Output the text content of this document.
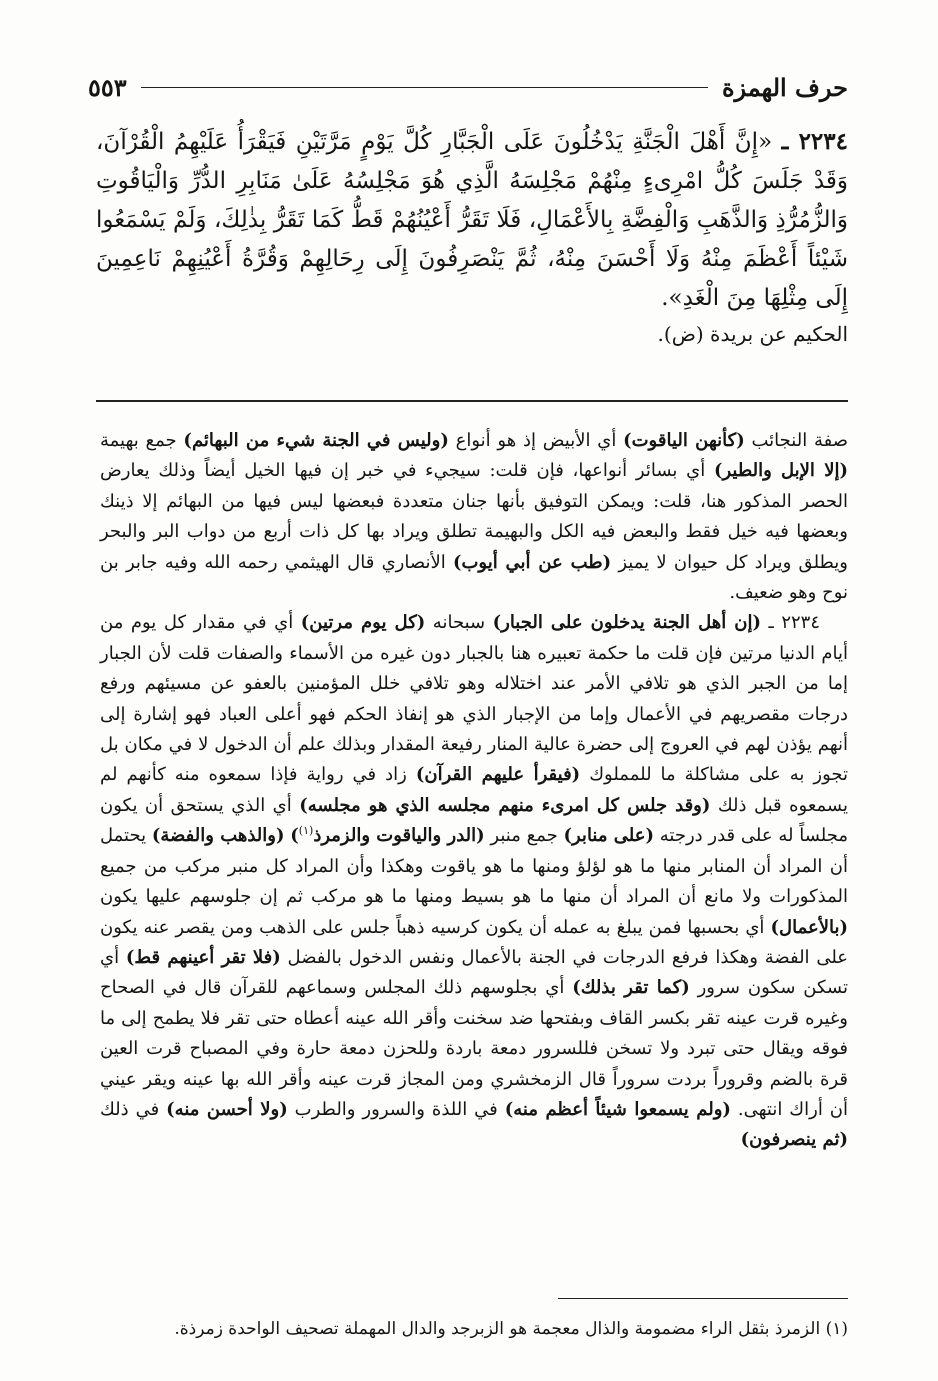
حرف الهمزة
٥٥٣
٢٢٣٤ ـ «إِنَّ أَهْلَ الْجَنَّةِ يَدْخُلُونَ عَلَى الْجَبَّارِ كُلَّ يَوْمٍ مَرَّتَيْنِ فَيَقْرَأُ عَلَيْهِمُ الْقُرْآنَ، وَقَدْ جَلَسَ كُلُّ امْرِىءٍ مِنْهُمْ مَجْلِسَهُ الَّذِي هُوَ مَجْلِسُهُ عَلَىٰ مَنَابِرِ الدُّرِّ وَالْيَاقُوتِ وَالزُّمُرُّذِ وَالذَّهَبِ وَالْفِضَّةِ بِالأَعْمَالِ، فَلَا تَقَرُّ أَعْيُنُهُمْ قَطُّ كَمَا تَقَرُّ بِذٰلِكَ، وَلَمْ يَسْمَعُوا شَيْئاً أَعْظَمَ مِنْهُ وَلَا أَحْسَنَ مِنْهُ، ثُمَّ يَنْصَرِفُونَ إِلَى رِحَالِهِمْ وَقُرَّةُ أَعْيُنِهِمْ نَاعِمِينَ إِلَى مِثْلِهَا مِنَ الْغَدِ».
الحكيم عن بريدة (ض).

صفة النجائب (كأنهن الياقوت) أي الأبيض إذ هو أنواع (وليس في الجنة شيء من البهائم) جمع بهيمة (إلا الإبل والطير) أي بسائر أنواعها، فإن قلت: سيجيء في خبر إن فيها الخيل أيضاً وذلك يعارض الحصر المذكور هنا، قلت: ويمكن التوفيق بأنها جنان متعددة فبعضها ليس فيها من البهائم إلا ذينك وبعضها فيه خيل فقط والبعض فيه الكل والبهيمة تطلق ويراد بها كل ذات أربع من دواب البر والبحر ويطلق ويراد كل حيوان لا يميز (طب عن أبي أيوب) الأنصاري قال الهيثمي رحمه الله وفيه جابر بن نوح وهو ضعيف.

٢٢٣٤ ـ (إن أهل الجنة يدخلون على الجبار) سبحانه (كل يوم مرتين) أي في مقدار كل يوم من أيام الدنيا مرتين فإن قلت ما حكمة تعبيره هنا بالجبار دون غيره من الأسماء والصفات قلت لأن الجبار إما من الجبر الذي هو تلافي الأمر عند اختلاله وهو تلافي خلل المؤمنين بالعفو عن مسيئهم ورفع درجات مقصريهم في الأعمال وإما من الإجبار الذي هو إنفاذ الحكم فهو أعلى العباد فهو إشارة إلى أنهم يؤذن لهم في العروج إلى حضرة عالية المنار رفيعة المقدار وبذلك علم أن الدخول لا في مكان بل تجوز به على مشاكلة ما للمملوك (فيقرأ عليهم القرآن) زاد في رواية فإذا سمعوه منه كأنهم لم يسمعوه قبل ذلك (وقد جلس كل امرىء منهم مجلسه الذي هو مجلسه) أي الذي يستحق أن يكون مجلساً له على قدر درجته (على منابر) جمع منبر (الدر والياقوت والزمرذ$^{(١)}$) (والذهب والفضة) يحتمل أن المراد أن المنابر منها ما هو لؤلؤ ومنها ما هو ياقوت وهكذا وأن المراد كل منبر مركب من جميع المذكورات ولا مانع أن المراد أن منها ما هو بسيط ومنها ما هو مركب ثم إن جلوسهم عليها يكون (بالأعمال) أي بحسبها فمن يبلغ به عمله أن يكون كرسيه ذهباً جلس على الذهب ومن يقصر عنه يكون على الفضة وهكذا فرفع الدرجات في الجنة بالأعمال ونفس الدخول بالفضل (فلا تقر أعينهم قط) أي تسكن سكون سرور (كما تقر بذلك) أي بجلوسهم ذلك المجلس وسماعهم للقرآن قال في الصحاح وغيره قرت عينه تقر بكسر القاف وبفتحها ضد سخنت وأقر الله عينه أعطاه حتى تقر فلا يطمح إلى ما فوقه ويقال حتى تبرد ولا تسخن فللسرور دمعة باردة وللحزن دمعة حارة وفي المصباح قرت العين قرة بالضم وقروراً بردت سروراً قال الزمخشري ومن المجاز قرت عينه وأقر الله بها عينه ويقر عيني أن أراك انتهى. (ولم يسمعوا شيئاً أعظم منه) في اللذة والسرور والطرب (ولا أحسن منه) في ذلك (ثم ينصرفون)

(١) الزمرذ بثقل الراء مضمومة والذال معجمة هو الزبرجد والدال المهملة تصحيف الواحدة زمرذة.
